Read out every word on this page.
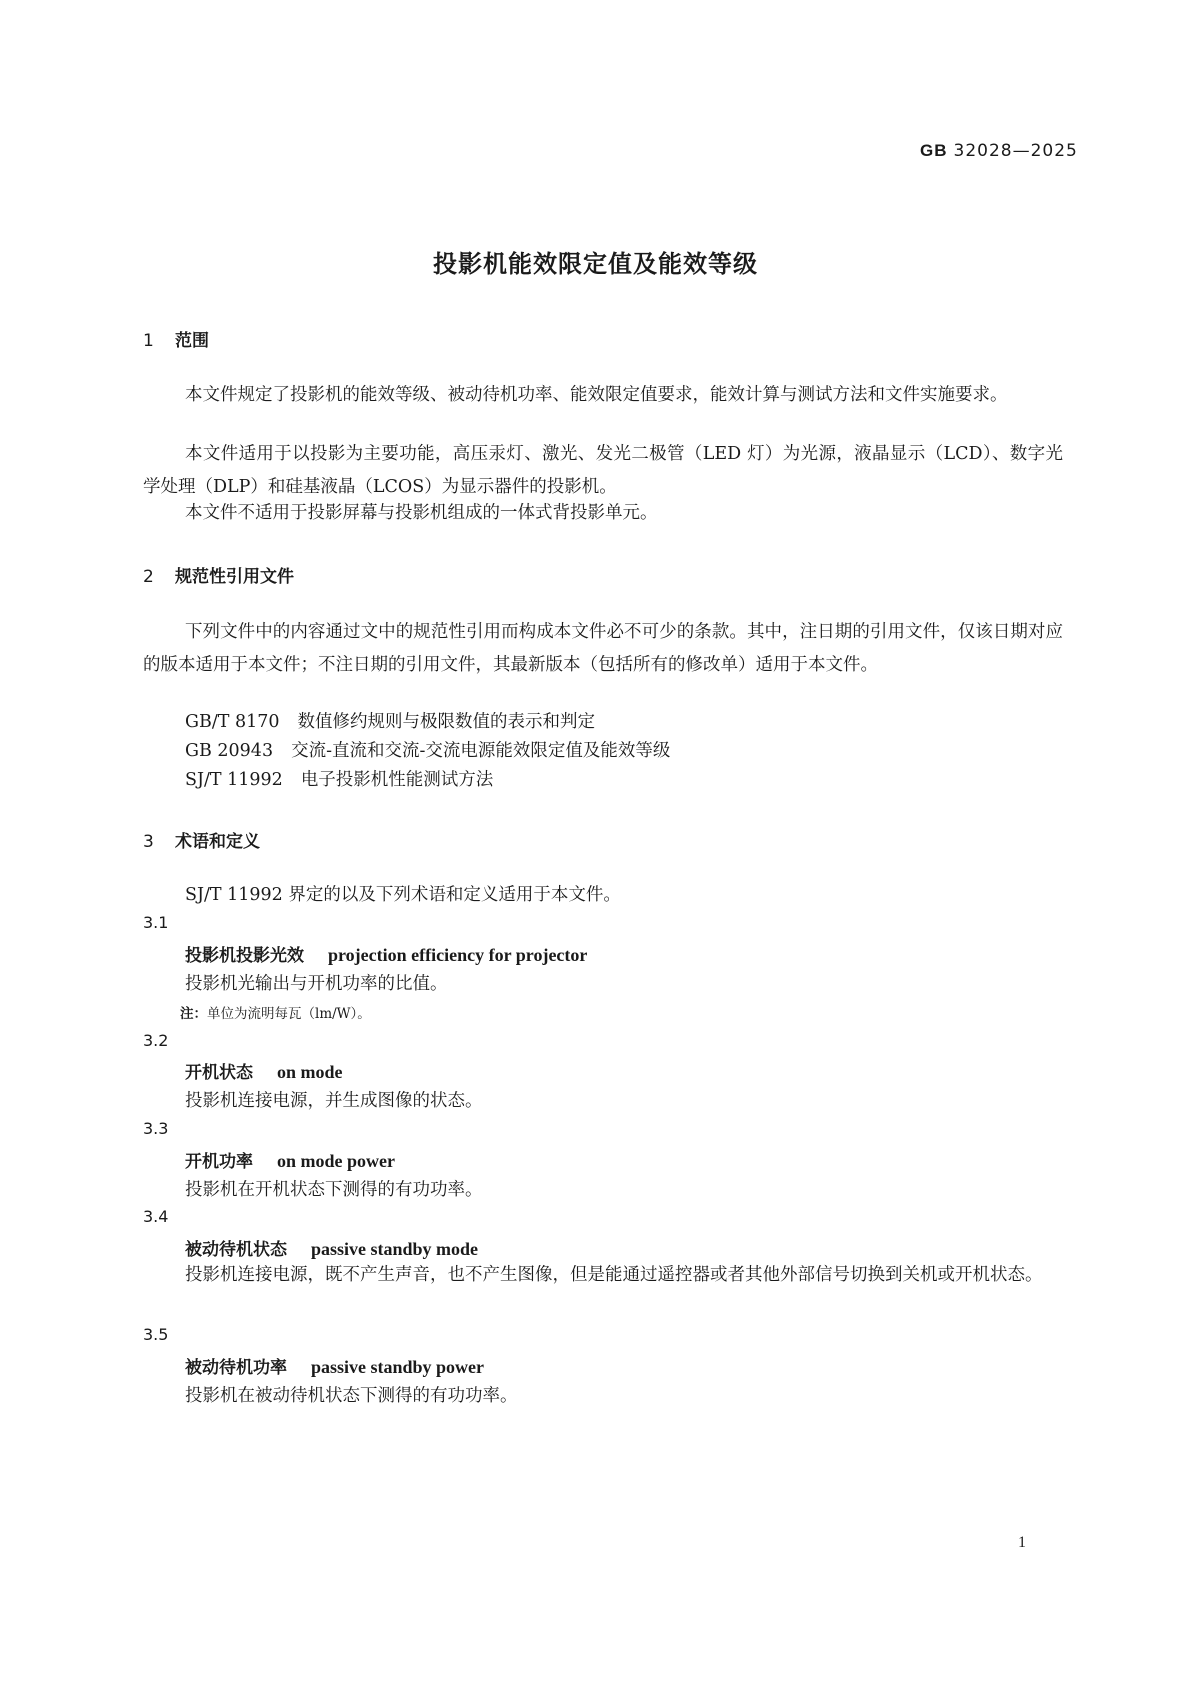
GB 32028—2025
投影机能效限定值及能效等级
1 范围
本文件规定了投影机的能效等级、被动待机功率、能效限定值要求，能效计算与测试方法和文件实施要求。
本文件适用于以投影为主要功能，高压汞灯、激光、发光二极管（LED 灯）为光源，液晶显示（LCD）、数字光学处理（DLP）和硅基液晶（LCOS）为显示器件的投影机。
本文件不适用于投影屏幕与投影机组成的一体式背投影单元。
2 规范性引用文件
下列文件中的内容通过文中的规范性引用而构成本文件必不可少的条款。其中，注日期的引用文件，仅该日期对应的版本适用于本文件；不注日期的引用文件，其最新版本（包括所有的修改单）适用于本文件。
GB/T 8170 数值修约规则与极限数值的表示和判定
GB 20943 交流-直流和交流-交流电源能效限定值及能效等级
SJ/T 11992 电子投影机性能测试方法
3 术语和定义
SJ/T 11992 界定的以及下列术语和定义适用于本文件。
3.1
投影机投影光效 projection efficiency for projector
投影机光输出与开机功率的比值。
注：单位为流明每瓦（lm/W）。
3.2
开机状态 on mode
投影机连接电源，并生成图像的状态。
3.3
开机功率 on mode power
投影机在开机状态下测得的有功功率。
3.4
被动待机状态 passive standby mode
投影机连接电源，既不产生声音，也不产生图像，但是能通过遥控器或者其他外部信号切换到关机或开机状态。
3.5
被动待机功率 passive standby power
投影机在被动待机状态下测得的有功功率。
1
